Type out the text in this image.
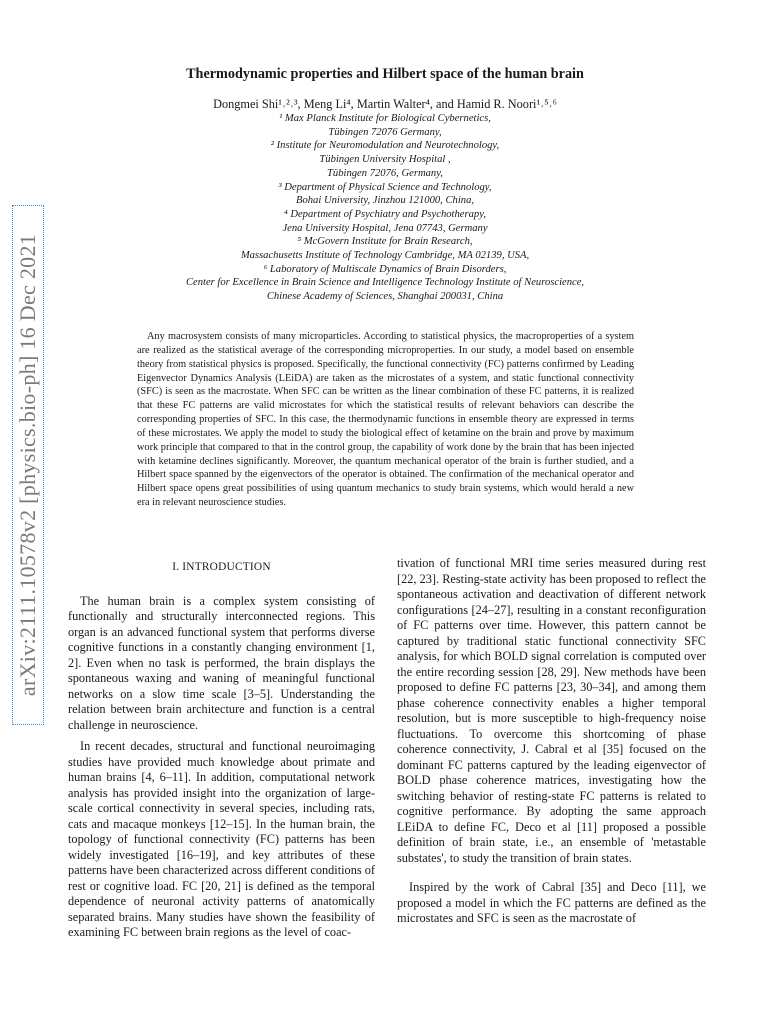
arXiv:2111.10578v2 [physics.bio-ph] 16 Dec 2021
Thermodynamic properties and Hilbert space of the human brain
Dongmei Shi¹˒²˒³, Meng Li⁴, Martin Walter⁴, and Hamid R. Noori¹˒⁵˒⁶
¹ Max Planck Institute for Biological Cybernetics,
Tübingen 72076 Germany,
² Institute for Neuromodulation and Neurotechnology,
Tübingen University Hospital ,
Tübingen 72076, Germany,
³ Department of Physical Science and Technology,
Bohai University, Jinzhou 121000, China,
⁴ Department of Psychiatry and Psychotherapy,
Jena University Hospital, Jena 07743, Germany
⁵ McGovern Institute for Brain Research,
Massachusetts Institute of Technology Cambridge, MA 02139, USA,
⁶ Laboratory of Multiscale Dynamics of Brain Disorders,
Center for Excellence in Brain Science and Intelligence Technology Institute of Neuroscience,
Chinese Academy of Sciences, Shanghai 200031, China

Any macrosystem consists of many microparticles. According to statistical physics, the macroproperties of a system are realized as the statistical average of the corresponding microproperties. In our study, a model based on ensemble theory from statistical physics is proposed. Specifically, the functional connectivity (FC) patterns confirmed by Leading Eigenvector Dynamics Analysis (LEiDA) are taken as the microstates of a system, and static functional connectivity (SFC) is seen as the macrostate. When SFC can be written as the linear combination of these FC patterns, it is realized that these FC patterns are valid microstates for which the statistical results of relevant behaviors can describe the corresponding properties of SFC. In this case, the thermodynamic functions in ensemble theory are expressed in terms of these microstates. We apply the model to study the biological effect of ketamine on the brain and prove by maximum work principle that compared to that in the control group, the capability of work done by the brain that has been injected with ketamine declines significantly. Moreover, the quantum mechanical operator of the brain is further studied, and a Hilbert space spanned by the eigenvectors of the operator is obtained. The confirmation of the mechanical operator and Hilbert space opens great possibilities of using quantum mechanics to study brain systems, which would herald a new era in relevant neuroscience studies.

I. INTRODUCTION

The human brain is a complex system consisting of functionally and structurally interconnected regions. This organ is an advanced functional system that performs diverse cognitive functions in a constantly changing environment [1, 2]. Even when no task is performed, the brain displays the spontaneous waxing and waning of meaningful functional networks on a slow time scale [3–5]. Understanding the relation between brain architecture and function is a central challenge in neuroscience.

In recent decades, structural and functional neuroimaging studies have provided much knowledge about primate and human brains [4, 6–11]. In addition, computational network analysis has provided insight into the organization of large-scale cortical connectivity in several species, including rats, cats and macaque monkeys [12–15]. In the human brain, the topology of functional connectivity (FC) patterns has been widely investigated [16–19], and key attributes of these patterns have been characterized across different conditions of rest or cognitive load. FC [20, 21] is defined as the temporal dependence of neuronal activity patterns of anatomically separated brains. Many studies have shown the feasibility of examining FC between brain regions as the level of coac-

tivation of functional MRI time series measured during rest [22, 23]. Resting-state activity has been proposed to reflect the spontaneous activation and deactivation of different network configurations [24–27], resulting in a constant reconfiguration of FC patterns over time. However, this pattern cannot be captured by traditional static functional connectivity SFC analysis, for which BOLD signal correlation is computed over the entire recording session [28, 29]. New methods have been proposed to define FC patterns [23, 30–34], and among them phase coherence connectivity enables a higher temporal resolution, but is more susceptible to high-frequency noise fluctuations. To overcome this shortcoming of phase coherence connectivity, J. Cabral et al [35] focused on the dominant FC patterns captured by the leading eigenvector of BOLD phase coherence matrices, investigating how the switching behavior of resting-state FC patterns is related to cognitive performance. By adopting the same approach LEiDA to define FC, Deco et al [11] proposed a possible definition of brain state, i.e., an ensemble of 'metastable substates', to study the transition of brain states.

Inspired by the work of Cabral [35] and Deco [11], we proposed a model in which the FC patterns are defined as the microstates and SFC is seen as the macrostate of
